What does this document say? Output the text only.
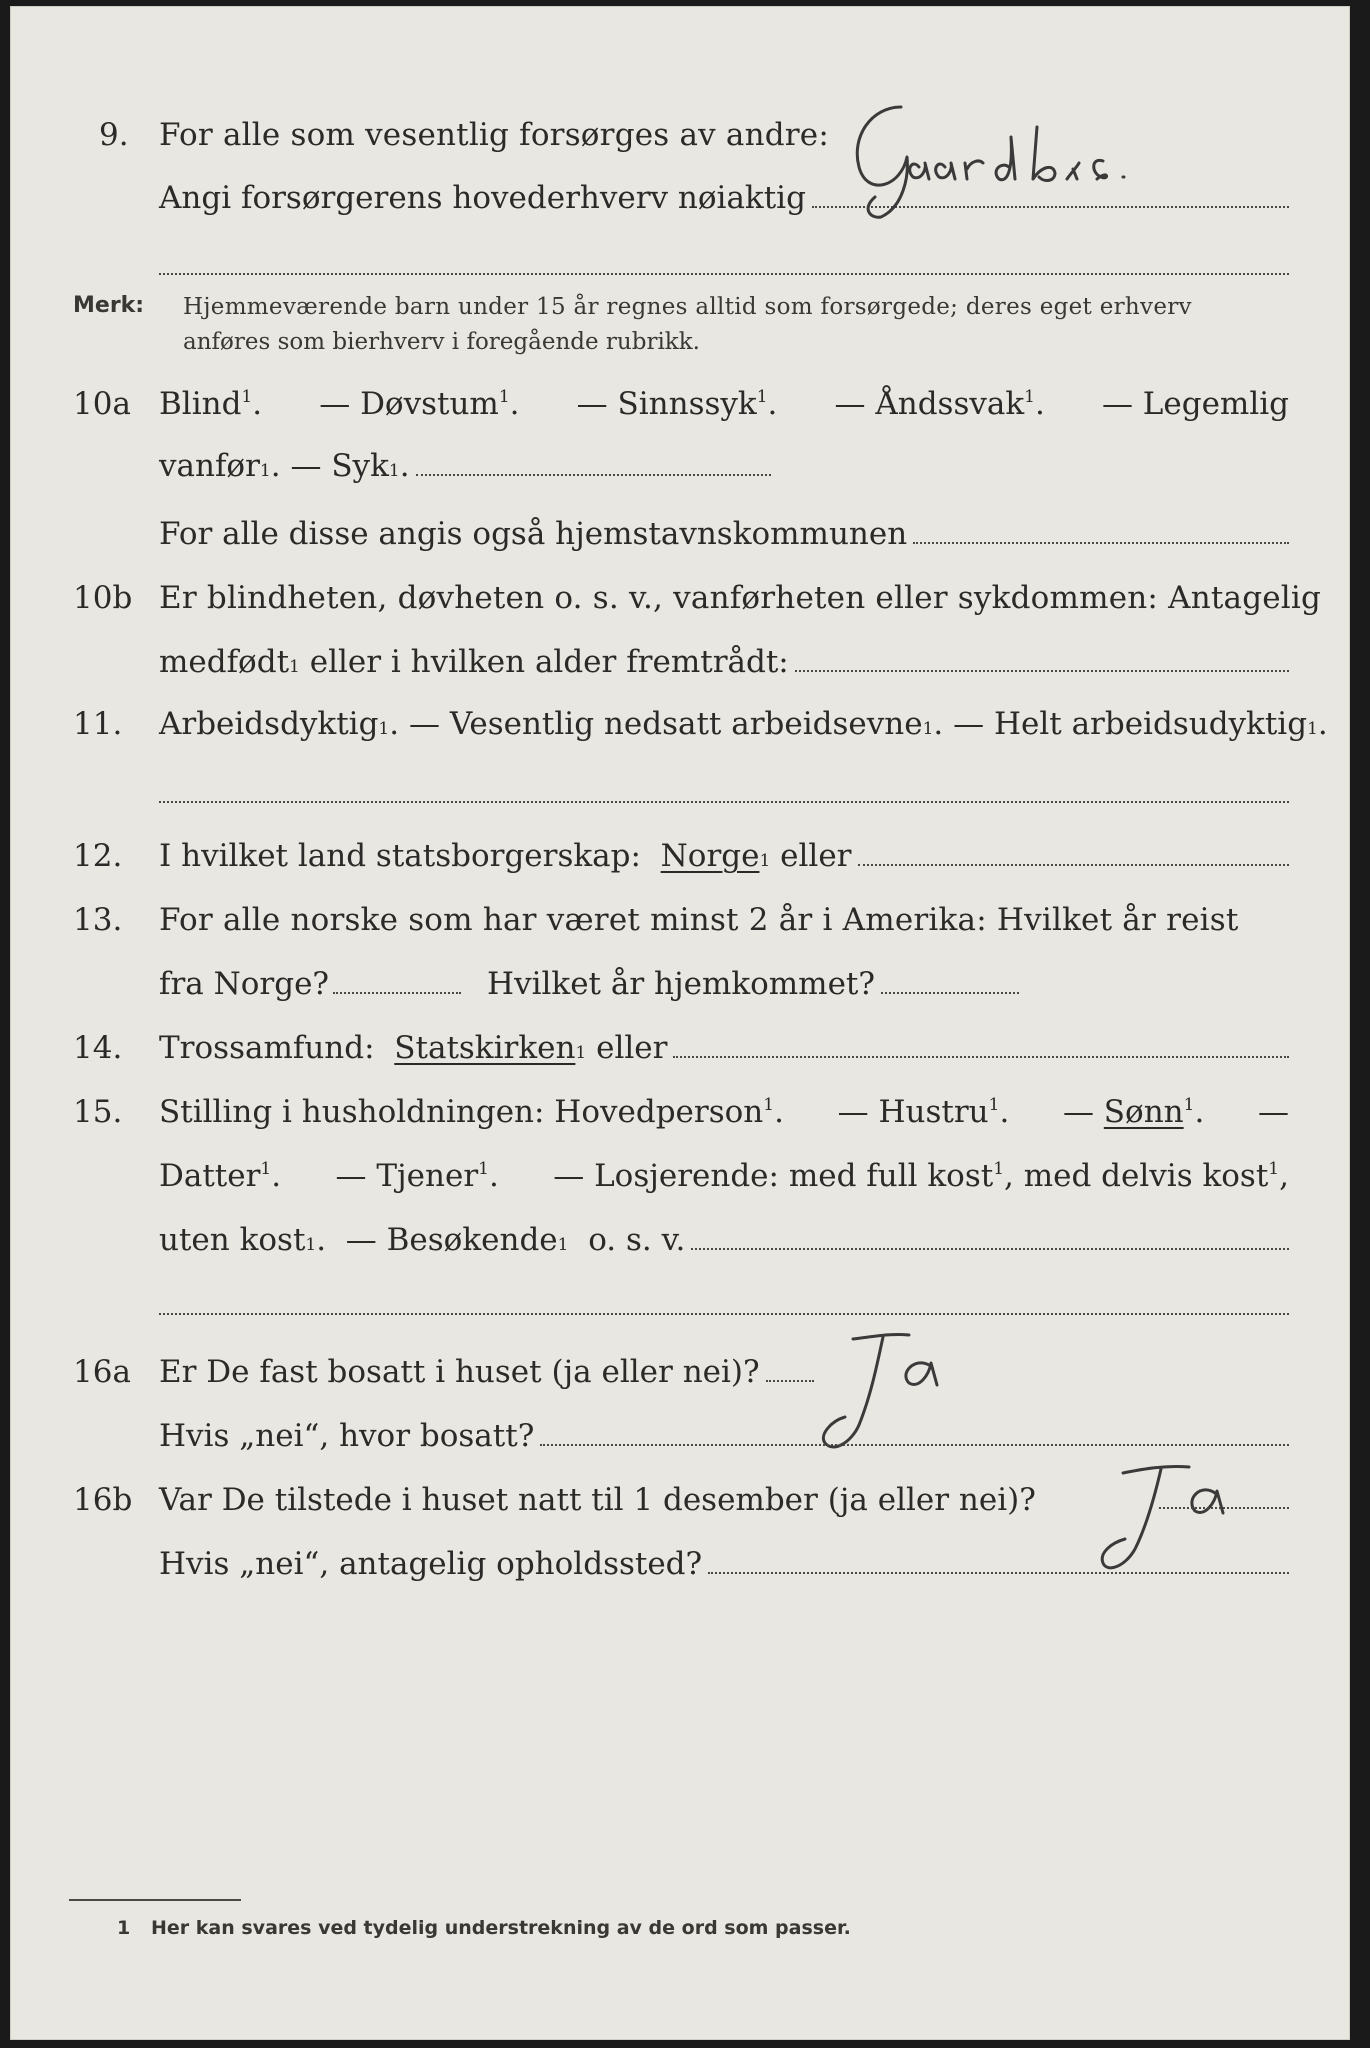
9. For alle som vesentlig forsørges av andre:
Angi forsørgerens hovederhverv nøiaktig
Merk: Hjemmeværende barn under 15 år regnes alltid som forsørgede; deres eget erhverv
anføres som bierhverv i foregående rubrikk.
10a Blind$^1$. — Døvstum$^1$. — Sinnssyk$^1$. — Åndssvak$^1$. — Legemlig
vanfør 1 . — Syk 1 .
For alle disse angis også hjemstavnskommunen
10b Er blindheten, døvheten o. s. v., vanførheten eller sykdommen: Antagelig
medfødt 1
eller i hvilken alder fremtrådt:
11. Arbeidsdyktig 1 . — Vesentlig nedsatt arbeidsevne 1 . — Helt arbeidsudyktig 1 .
12. I hvilket land statsborgerskap:
Norge 1
eller
13. For alle norske som har været minst 2 år i Amerika: Hvilket år reist
fra Norge?	Hvilket år hjemkommet?
14. Trossamfund:
Statskirken 1
eller
15. Stilling i husholdningen: Hovedperson$^1$. — Hustru$^1$. — Sønn$^1$. —
Datter$^1$. — Tjener$^1$. — Losjerende: med full kost$^1$, med delvis kost$^1$,
uten kost 1 . — Besøkende 1
o. s. v.
16a Er De fast bosatt i huset (ja eller nei)?
Hvis „nei“, hvor bosatt?
16b Var De tilstede i huset natt til 1 desember (ja eller nei)?
Hvis „nei“, antagelig opholdssted?
1 Her kan svares ved tydelig understrekning av de ord som passer.
